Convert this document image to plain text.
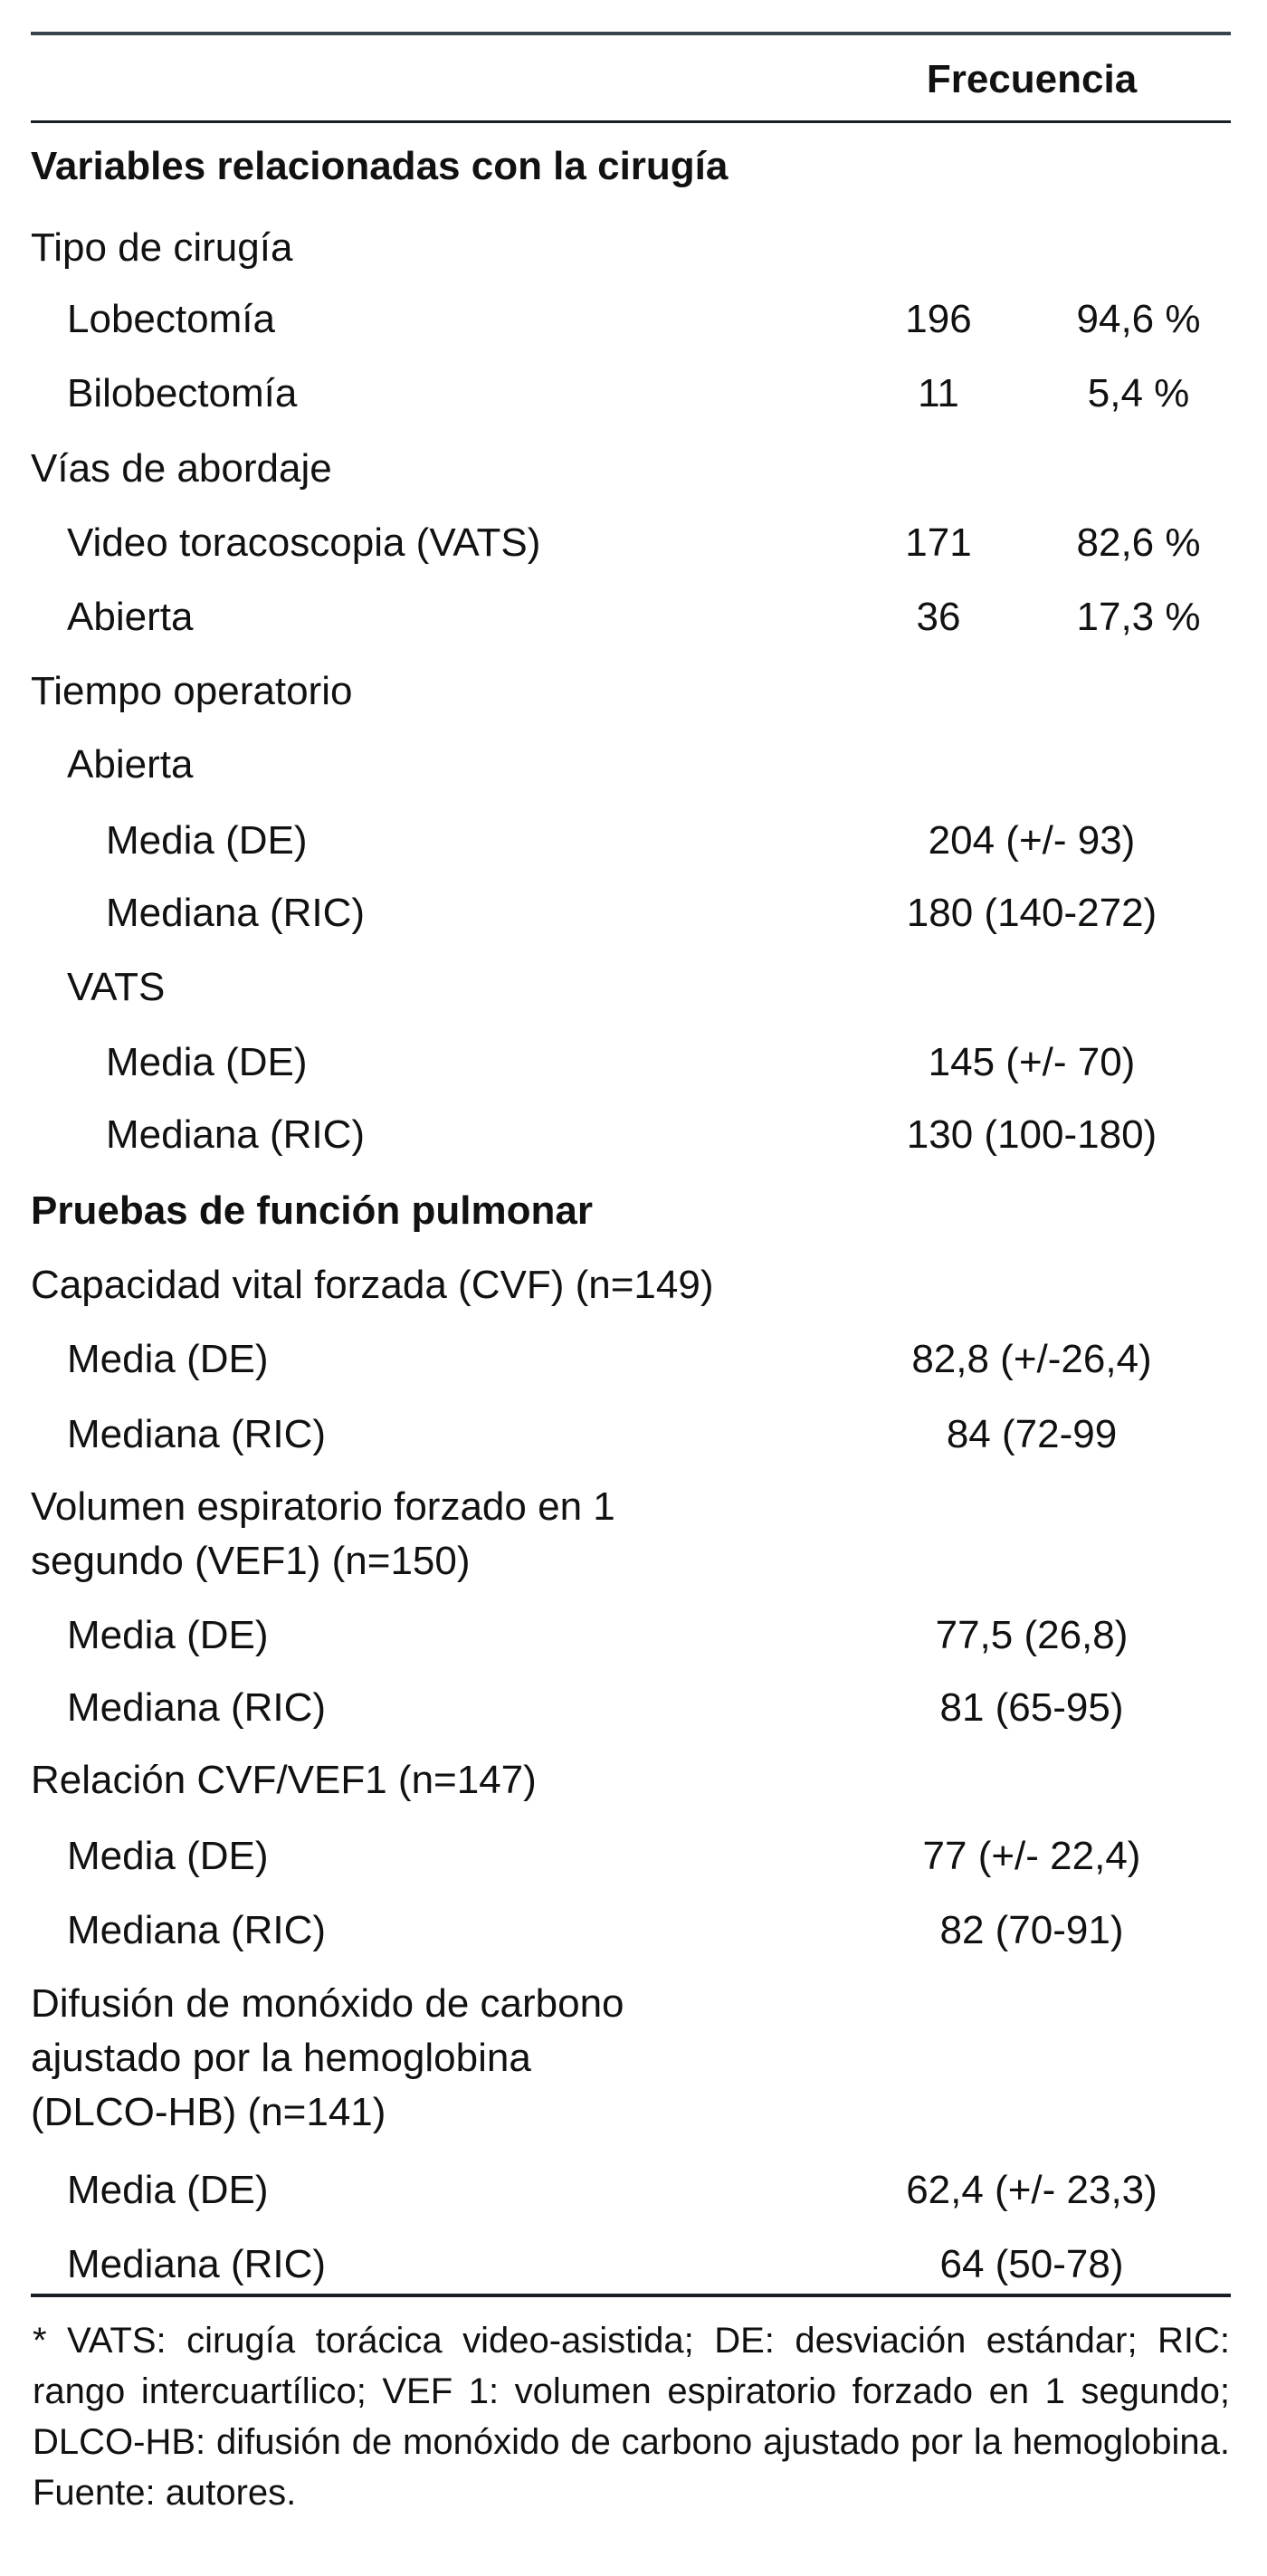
Frecuencia
Variables relacionadas con la cirugía
Tipo de cirugía
Lobectomía	196	94,6 %
Bilobectomía	11	5,4 %
Vías de abordaje
Video toracoscopia (VATS)	171	82,6 %
Abierta	36	17,3 %
Tiempo operatorio
Abierta
Media (DE)	204 (+/- 93)
Mediana (RIC)	180 (140-272)
VATS
Media (DE)	145 (+/- 70)
Mediana (RIC)	130 (100-180)
Pruebas de función pulmonar
Capacidad vital forzada (CVF) (n=149)
Media (DE)	82,8 (+/-26,4)
Mediana (RIC)	84 (72-99
Volumen espiratorio forzado en 1
segundo (VEF1) (n=150)
Media (DE)	77,5 (26,8)
Mediana (RIC)	81 (65-95)
Relación CVF/VEF1 (n=147)
Media (DE)	77 (+/- 22,4)
Mediana (RIC)	82 (70-91)
Difusión de monóxido de carbono
ajustado por la hemoglobina
(DLCO-HB) (n=141)
Media (DE)	62,4 (+/- 23,3)
Mediana (RIC)	64 (50-78)
* VATS: cirugía torácica video-asistida; DE: desviación estándar; RIC: rango intercuartílico; VEF 1: volumen espiratorio forzado en 1 segundo; DLCO-HB: difusión de monóxido de carbono ajustado por la hemoglobina. Fuente: autores.
